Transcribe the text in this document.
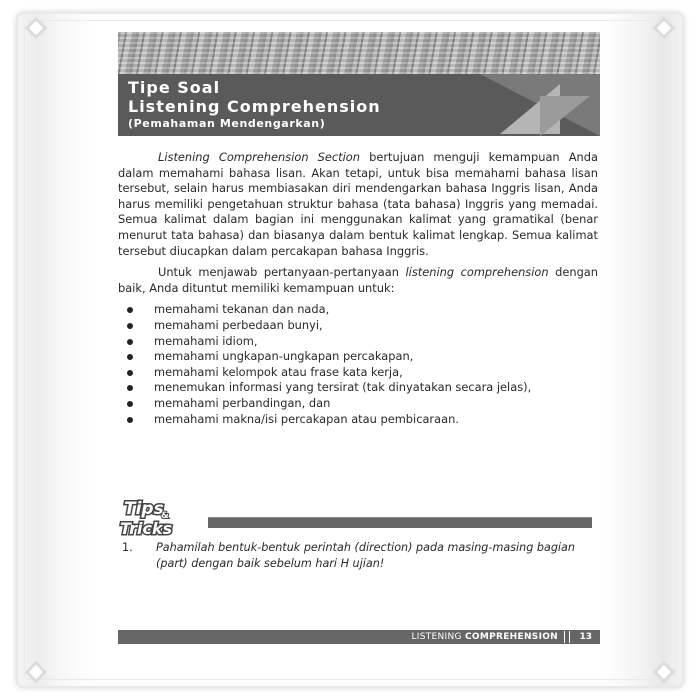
Tipe Soal
Listening Comprehension
(Pemahaman Mendengarkan)

Listening Comprehension Section bertujuan menguji kemampuan Anda dalam memahami bahasa lisan. Akan tetapi, untuk bisa memahami bahasa lisan tersebut, selain harus membiasakan diri mendengarkan bahasa Inggris lisan, Anda harus memiliki pengetahuan struktur bahasa (tata bahasa) Inggris yang memadai. Semua kalimat dalam bagian ini menggunakan kalimat yang gramatikal (benar menurut tata bahasa) dan biasanya dalam bentuk kalimat lengkap. Semua kalimat tersebut diucapkan dalam percakapan bahasa Inggris.

Untuk menjawab pertanyaan-pertanyaan listening comprehension dengan baik, Anda dituntut memiliki kemampuan untuk:

memahami tekanan dan nada,
memahami perbedaan bunyi,
memahami idiom,
memahami ungkapan-ungkapan percakapan,
memahami kelompok atau frase kata kerja,
menemukan informasi yang tersirat (tak dinyatakan secara jelas),
memahami perbandingan, dan
memahami makna/isi percakapan atau pembicaraan.
Tips
&
Tricks
1. Pahamilah bentuk-bentuk perintah (direction) pada masing-masing bagian (part) dengan baik sebelum hari H ujian!
LISTENING COMPREHENSION 13
